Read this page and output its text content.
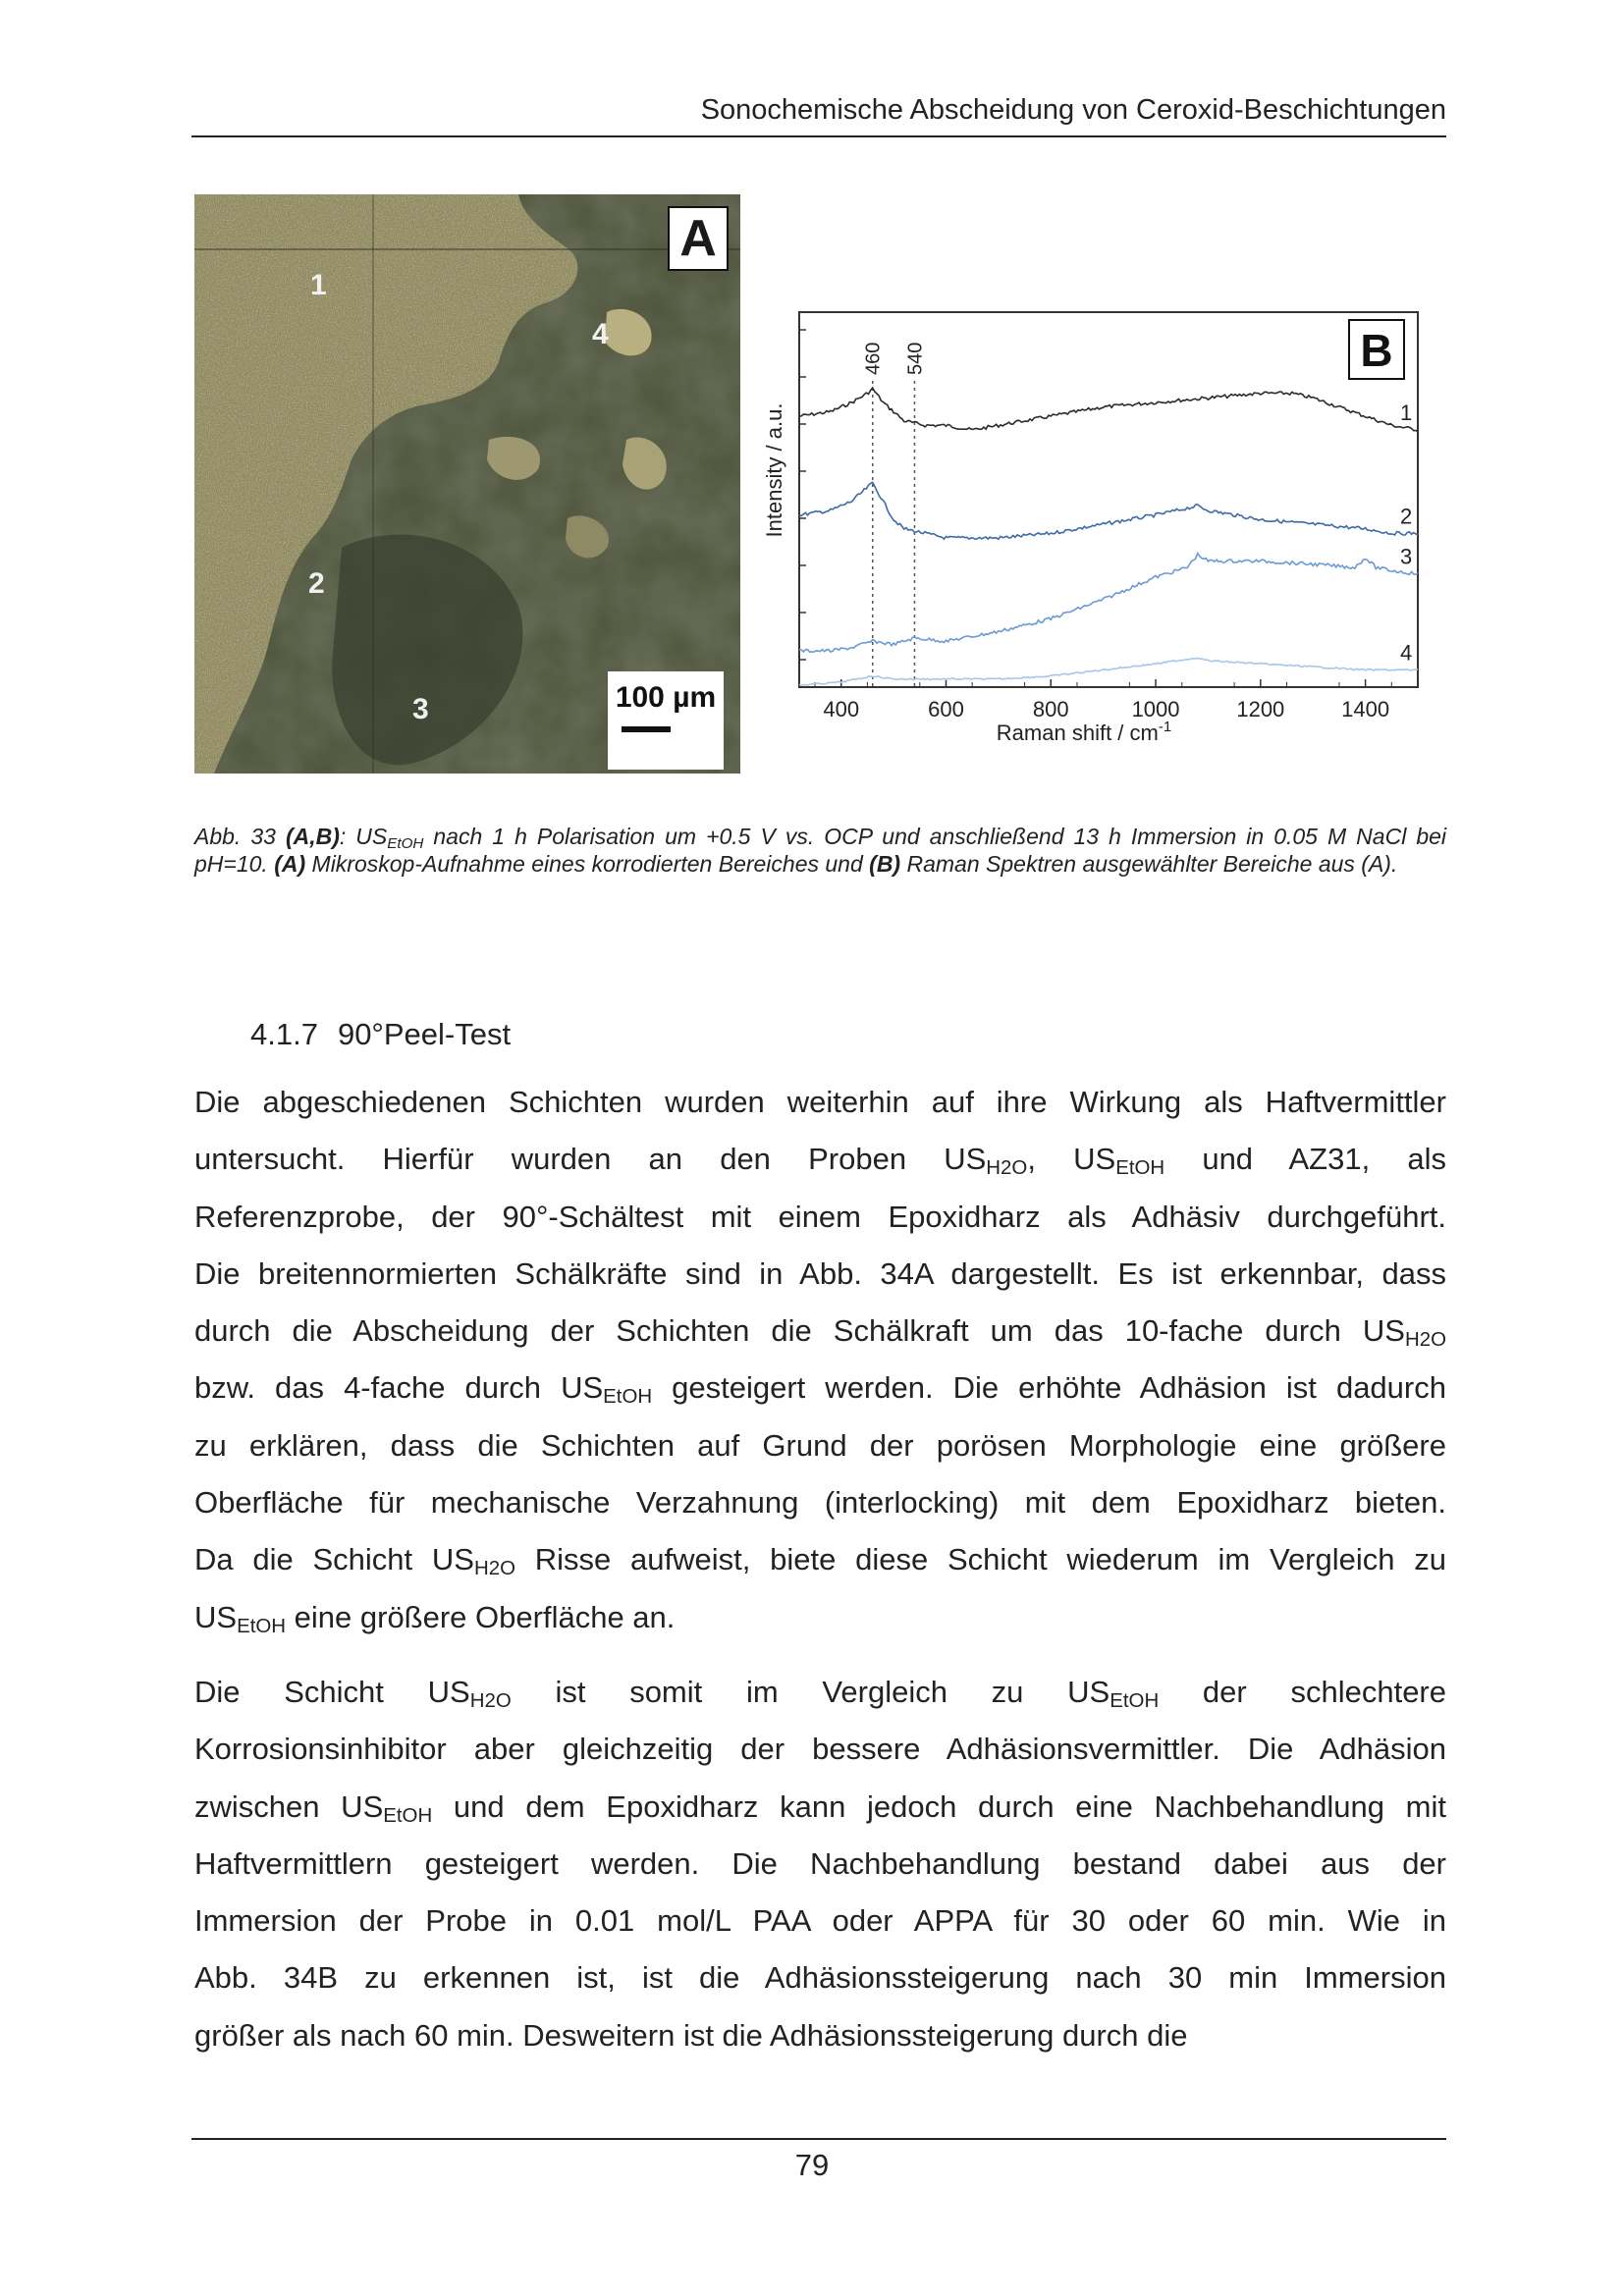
Sonochemische Abscheidung von Ceroxid-Beschichtungen
A
1
2
3
4
100 µm	400	600	800	1000	1200	1400
460 540
1
2
3
4
B
Intensity / a.u.
Raman shift / $cm^{-1}$
Abb. 33 (A,B): $US_{EtOH}$ nach 1 h Polarisation um +0.5 V vs. OCP und anschließend 13 h Immersion in 0.05 M NaCl bei pH=10. (A) Mikroskop-Aufnahme eines korrodierten Bereiches und (B) Raman Spektren ausgewählter Bereiche aus (A).
4.1.7 90°Peel-Test
Die abgeschiedenen Schichten wurden weiterhin auf ihre Wirkung als Haftvermittler
untersucht. Hierfür wurden an den Proben $US_{H2O}$, $US_{EtOH}$ und AZ31, als
Referenzprobe, der 90°-Schältest mit einem Epoxidharz als Adhäsiv durchgeführt.
Die breitennormierten Schälkräfte sind in Abb. 34A dargestellt. Es ist erkennbar, dass
durch die Abscheidung der Schichten die Schälkraft um das 10-fache durch $US_{H2O}$
bzw. das 4-fache durch $US_{EtOH}$ gesteigert werden. Die erhöhte Adhäsion ist dadurch
zu erklären, dass die Schichten auf Grund der porösen Morphologie eine größere
Oberfläche für mechanische Verzahnung (interlocking) mit dem Epoxidharz bieten.
Da die Schicht $US_{H2O}$ Risse aufweist, biete diese Schicht wiederum im Vergleich zu
$US_{EtOH}$ eine größere Oberfläche an.
Die Schicht $US_{H2O}$ ist somit im Vergleich zu $US_{EtOH}$ der schlechtere
Korrosionsinhibitor aber gleichzeitig der bessere Adhäsionsvermittler. Die Adhäsion
zwischen $US_{EtOH}$ und dem Epoxidharz kann jedoch durch eine Nachbehandlung mit
Haftvermittlern gesteigert werden. Die Nachbehandlung bestand dabei aus der
Immersion der Probe in 0.01 mol/L PAA oder APPA für 30 oder 60 min. Wie in
Abb. 34B zu erkennen ist, ist die Adhäsionssteigerung nach 30 min Immersion
größer als nach 60 min. Desweitern ist die Adhäsionssteigerung durch die
79
